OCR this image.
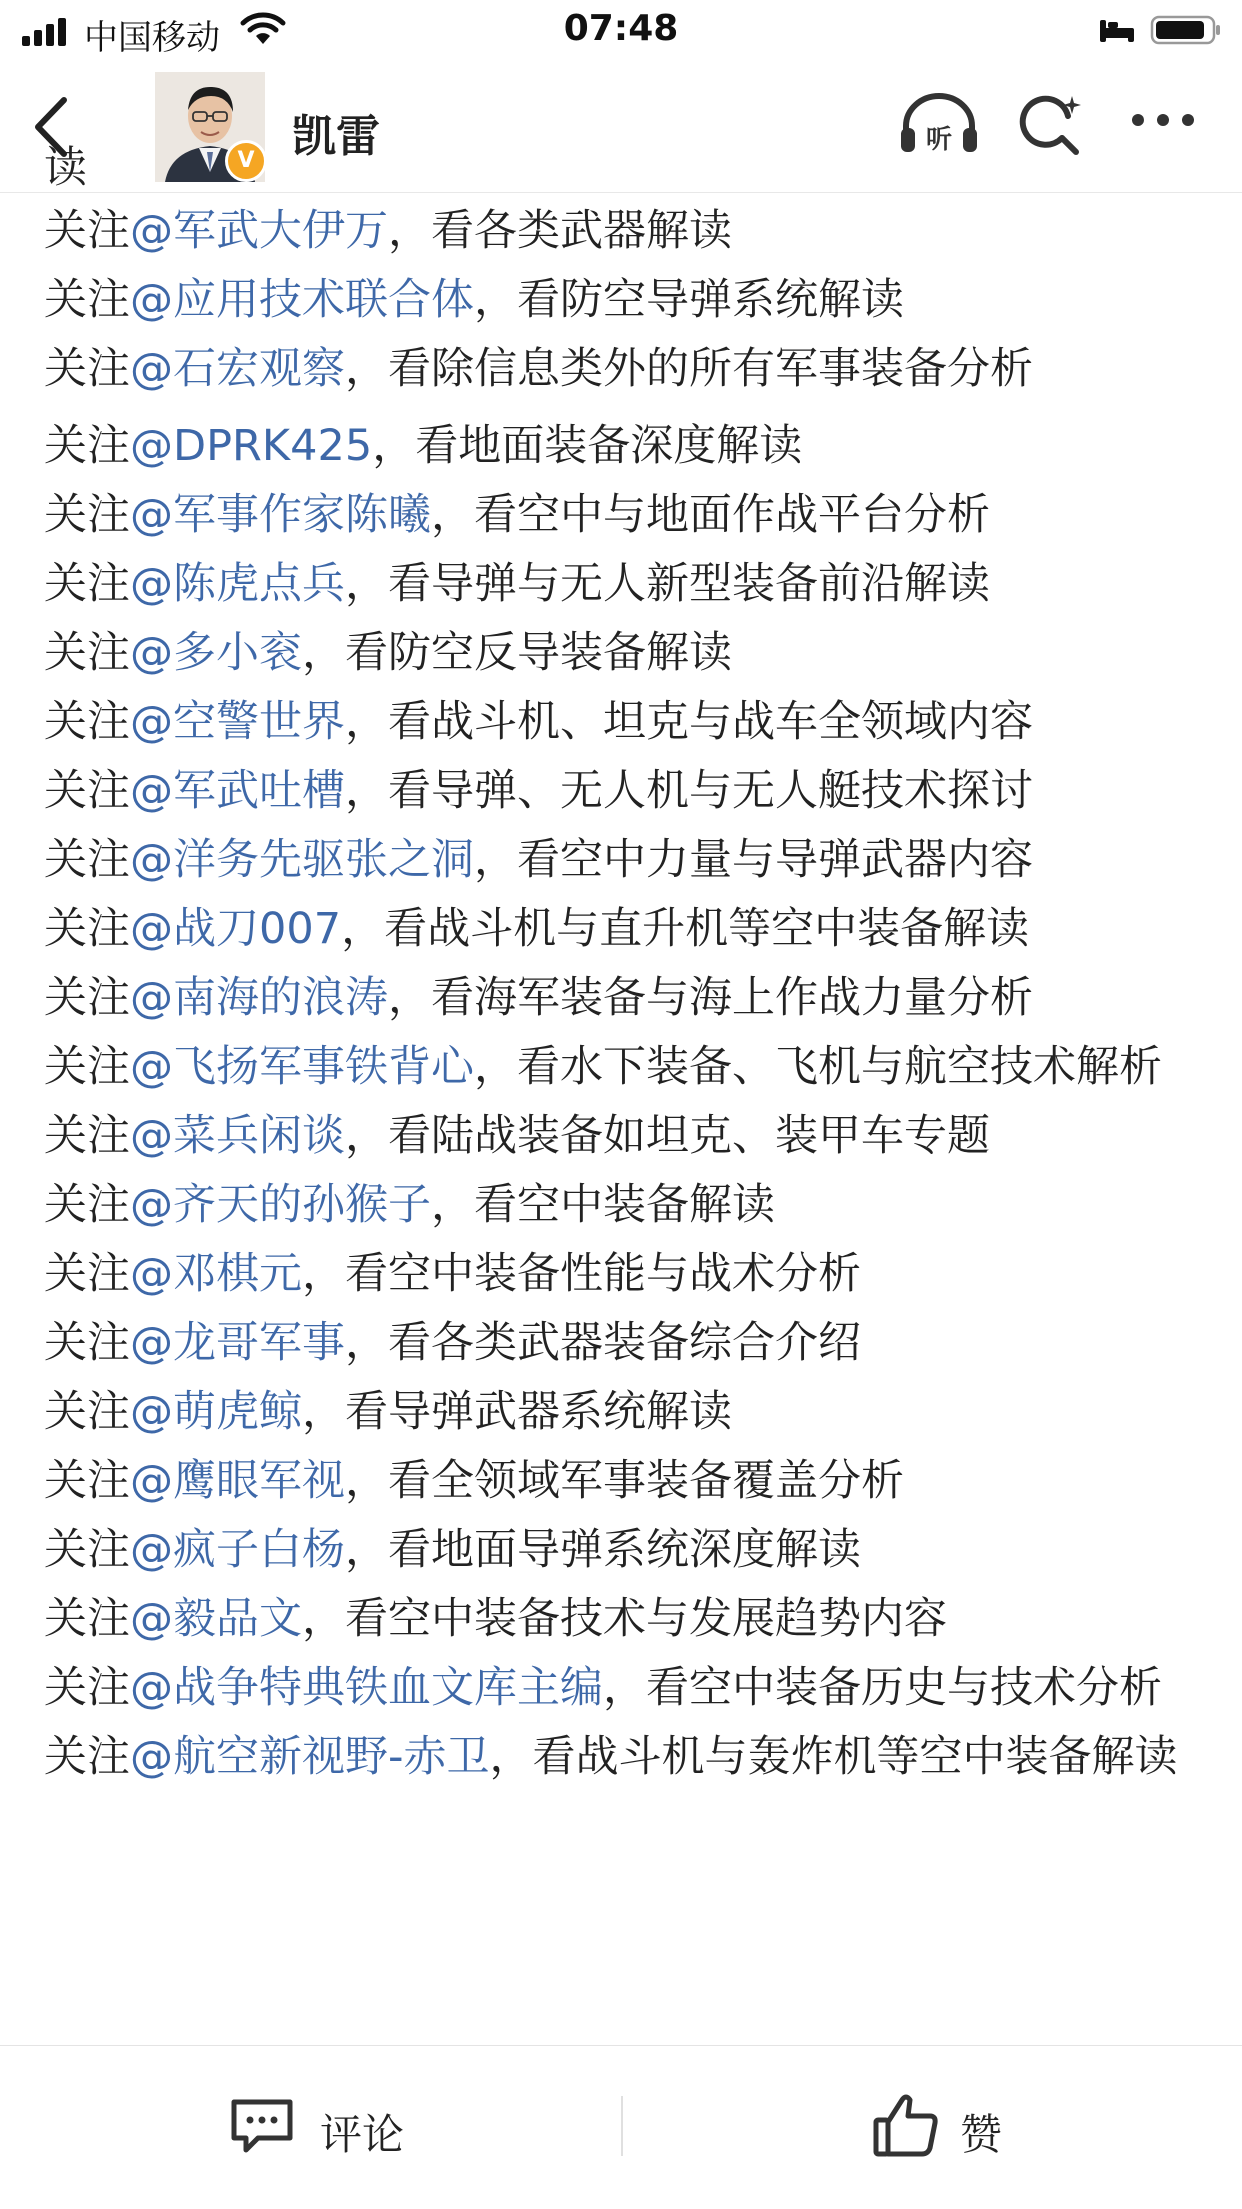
中国移动	07:48
V 凯雷	听
读
关注@军武大伊万，看各类武器解读
关注@应用技术联合体，看防空导弹系统解读
关注@石宏观察，看除信息类外的所有军事装备分析
关注@DPRK425，看地面装备深度解读
关注@军事作家陈曦，看空中与地面作战平台分析
关注@陈虎点兵，看导弹与无人新型装备前沿解读
关注@多小衮，看防空反导装备解读
关注@空警世界，看战斗机、坦克与战车全领域内容
关注@军武吐槽，看导弹、无人机与无人艇技术探讨
关注@洋务先驱张之洞，看空中力量与导弹武器内容
关注@战刀007，看战斗机与直升机等空中装备解读
关注@南海的浪涛，看海军装备与海上作战力量分析
关注@飞扬军事铁背心，看水下装备、飞机与航空技术解析
关注@菜兵闲谈，看陆战装备如坦克、装甲车专题
关注@齐天的孙猴子，看空中装备解读
关注@邓棋元，看空中装备性能与战术分析
关注@龙哥军事，看各类武器装备综合介绍
关注@萌虎鲸，看导弹武器系统解读
关注@鹰眼军视，看全领域军事装备覆盖分析
关注@疯子白杨，看地面导弹系统深度解读
关注@毅品文，看空中装备技术与发展趋势内容
关注@战争特典铁血文库主编，看空中装备历史与技术分析
关注@航空新视野-赤卫，看战斗机与轰炸机等空中装备解读
评论	赞
